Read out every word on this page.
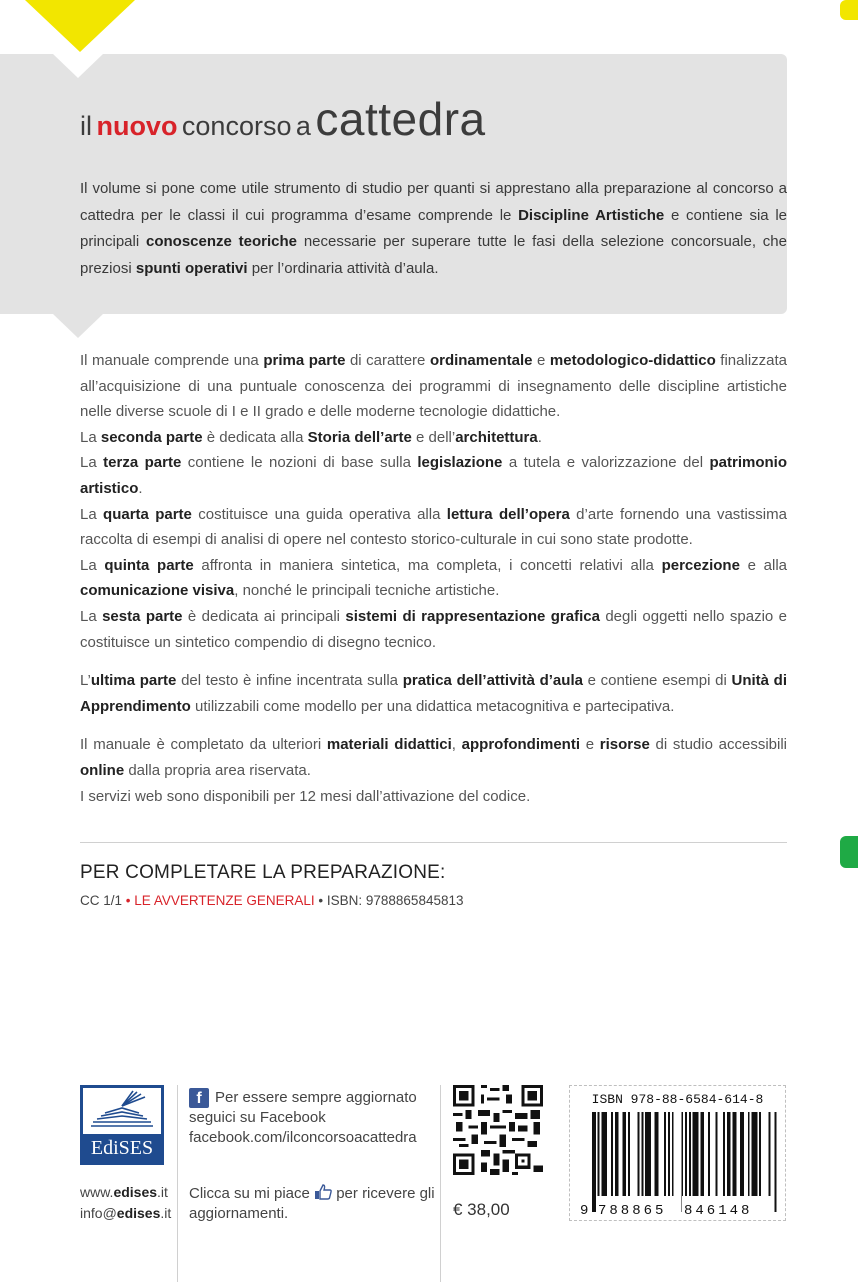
il nuovo concorso a cattedra
Il volume si pone come utile strumento di studio per quanti si apprestano alla preparazione al concorso a cattedra per le classi il cui programma d’esame comprende le Discipline Artistiche e contiene sia le principali conoscenze teoriche necessarie per superare tutte le fasi della selezione concorsuale, che preziosi spunti operativi per l’ordinaria attività d’aula.

Il manuale comprende una prima parte di carattere ordinamentale e metodologico-didattico finalizzata all’acquisizione di una puntuale conoscenza dei programmi di insegnamento delle discipline artistiche nelle diverse scuole di I e II grado e delle moderne tecnologie didattiche.

La seconda parte è dedicata alla Storia dell’arte e dell’architettura.

La terza parte contiene le nozioni di base sulla legislazione a tutela e valorizzazione del patrimonio artistico.

La quarta parte costituisce una guida operativa alla lettura dell’opera d’arte fornendo una vastissima raccolta di esempi di analisi di opere nel contesto storico-culturale in cui sono state prodotte.

La quinta parte affronta in maniera sintetica, ma completa, i concetti relativi alla percezione e alla comunicazione visiva, nonché le principali tecniche artistiche.

La sesta parte è dedicata ai principali sistemi di rappresentazione grafica degli oggetti nello spazio e costituisce un sintetico compendio di disegno tecnico.

L’ultima parte del testo è infine incentrata sulla pratica dell’attività d’aula e contiene esempi di Unità di Apprendimento utilizzabili come modello per una didattica metacognitiva e partecipativa.

Il manuale è completato da ulteriori materiali didattici, approfondimenti e risorse di studio accessibili online dalla propria area riservata.

I servizi web sono disponibili per 12 mesi dall’attivazione del codice.

PER COMPLETARE LA PREPARAZIONE:
CC 1/1 • LE AVVERTENZE GENERALI • ISBN: 9788865845813
EdiSES
www.edises.it
info@edises.it
f Per essere sempre aggiornato
seguici su Facebook
facebook.com/ilconcorsoacattedra
Clicca su mi piace per ricevere gli aggiornamenti.	€ 38,00
ISBN 978-88-6584-614-8
9 788865 846148
